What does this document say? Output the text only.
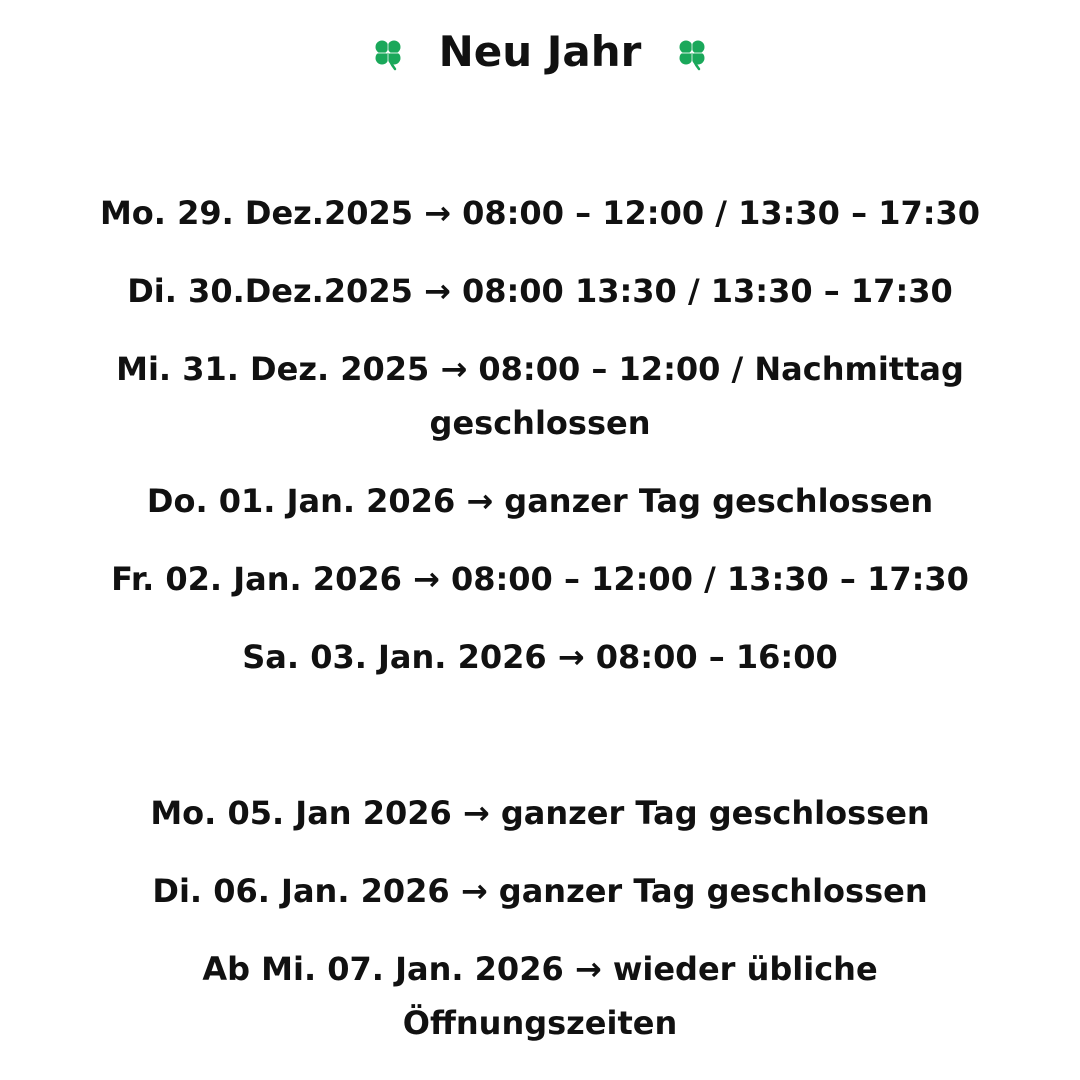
Neu Jahr
Mo. 29. Dez.2025 → 08:00 – 12:00 / 13:30 – 17:30
Di. 30.Dez.2025 → 08:00 13:30 / 13:30 – 17:30
Mi. 31. Dez. 2025 → 08:00 – 12:00 / Nachmittag geschlossen
Do. 01. Jan. 2026 → ganzer Tag geschlossen
Fr. 02. Jan. 2026 → 08:00 – 12:00 / 13:30 – 17:30
Sa. 03. Jan. 2026 → 08:00 – 16:00
Mo. 05. Jan 2026 → ganzer Tag geschlossen
Di. 06. Jan. 2026 → ganzer Tag geschlossen
Ab Mi. 07. Jan. 2026 → wieder übliche Öffnungszeiten
